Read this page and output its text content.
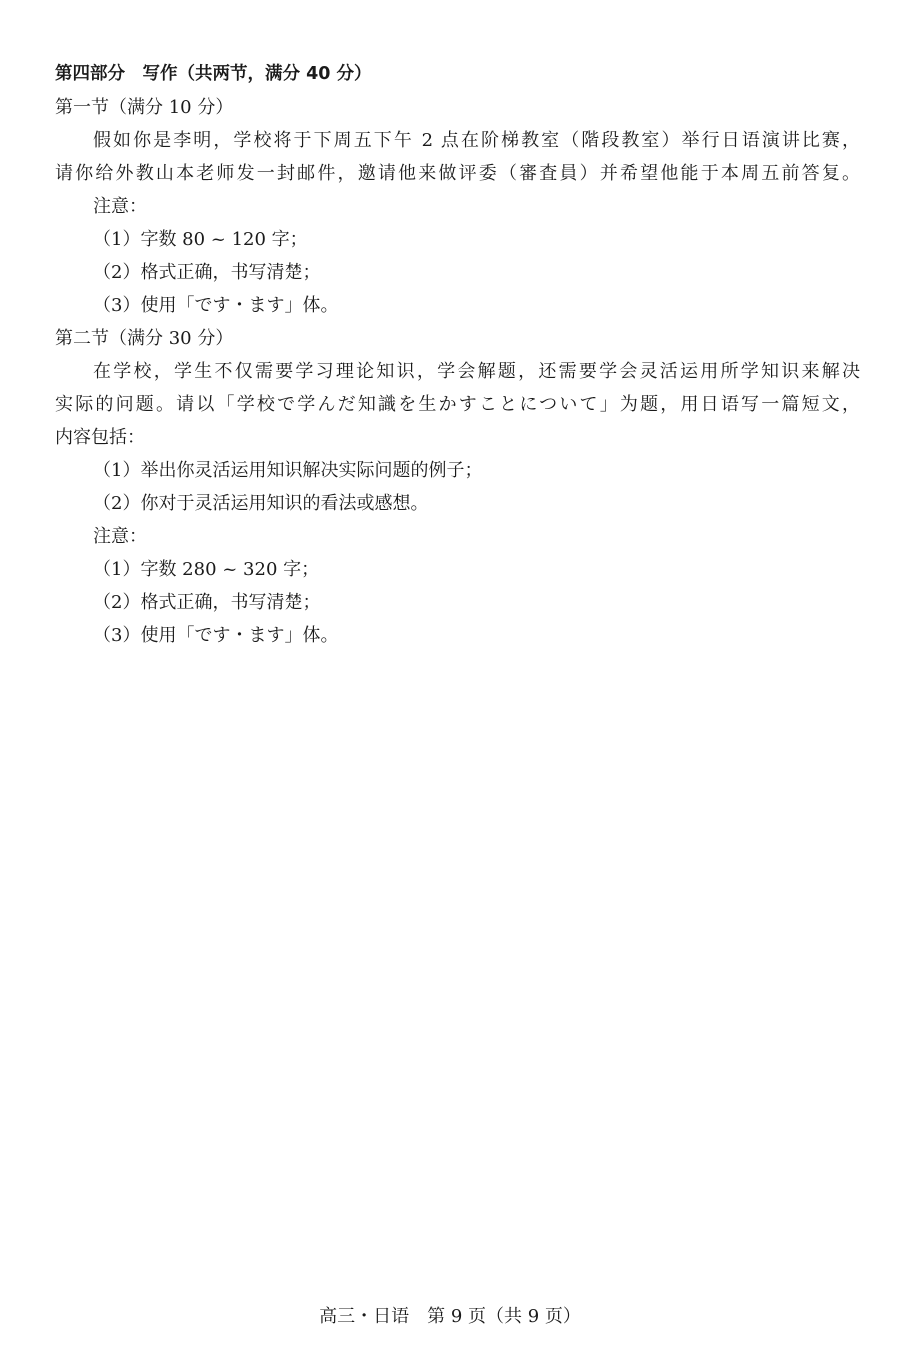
第四部分　写作（共两节，满分 40 分）
第一节（满分 10 分）
假如你是李明，学校将于下周五下午 2 点在阶梯教室（階段教室）举行日语演讲比赛，
请你给外教山本老师发一封邮件，邀请他来做评委（審査員）并希望他能于本周五前答复。
注意：
（1）字数 80 ~ 120 字；
（2）格式正确，书写清楚；
（3）使用「です・ます」体。
第二节（满分 30 分）
在学校，学生不仅需要学习理论知识，学会解题，还需要学会灵活运用所学知识来解决
实际的问题。请以「学校で学んだ知識を生かすことについて」为题，用日语写一篇短文，
内容包括：
（1）举出你灵活运用知识解决实际问题的例子；
（2）你对于灵活运用知识的看法或感想。
注意：
（1）字数 280 ~ 320 字；
（2）格式正确，书写清楚；
（3）使用「です・ます」体。
高三・日语　第 9 页（共 9 页）
